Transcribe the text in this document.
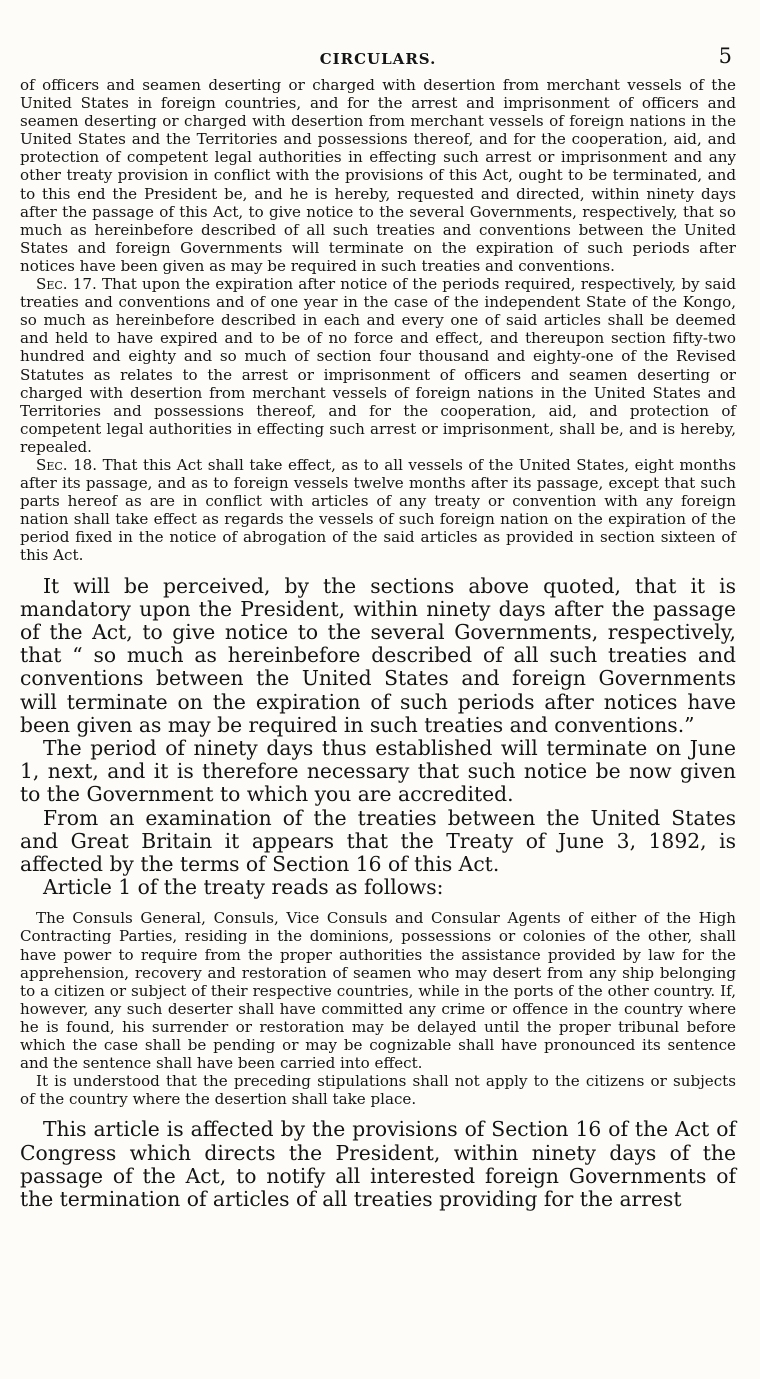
CIRCULARS.	5

of officers and seamen deserting or charged with desertion from merchant vessels of the United States in foreign countries, and for the arrest and imprisonment of officers and seamen deserting or charged with desertion from merchant vessels of foreign nations in the United States and the Territories and possessions thereof, and for the cooperation, aid, and protection of competent legal authorities in effecting such arrest or imprisonment and any other treaty provision in conflict with the provisions of this Act, ought to be terminated, and to this end the President be, and he is hereby, requested and directed, within ninety days after the passage of this Act, to give notice to the several Governments, respectively, that so much as hereinbefore described of all such treaties and conventions between the United States and foreign Governments will terminate on the expiration of such periods after notices have been given as may be required in such treaties and conventions.

Sec. 17. That upon the expiration after notice of the periods required, respectively, by said treaties and conventions and of one year in the case of the independent State of the Kongo, so much as hereinbefore described in each and every one of said articles shall be deemed and held to have expired and to be of no force and effect, and thereupon section fifty-two hundred and eighty and so much of section four thousand and eighty-one of the Revised Statutes as relates to the arrest or imprisonment of officers and seamen deserting or charged with desertion from merchant vessels of foreign nations in the United States and Territories and possessions thereof, and for the cooperation, aid, and protection of competent legal authorities in effecting such arrest or imprisonment, shall be, and is hereby, repealed.

Sec. 18. That this Act shall take effect, as to all vessels of the United States, eight months after its passage, and as to foreign vessels twelve months after its passage, except that such parts hereof as are in conflict with articles of any treaty or convention with any foreign nation shall take effect as regards the vessels of such foreign nation on the expiration of the period fixed in the notice of abrogation of the said articles as provided in section sixteen of this Act.

It will be perceived, by the sections above quoted, that it is mandatory upon the President, within ninety days after the passage of the Act, to give notice to the several Governments, respectively, that “ so much as hereinbefore described of all such treaties and conventions between the United States and foreign Governments will terminate on the expiration of such periods after notices have been given as may be required in such treaties and conventions.”

The period of ninety days thus established will terminate on June 1, next, and it is therefore necessary that such notice be now given to the Government to which you are accredited.

From an examination of the treaties between the United States and Great Britain it appears that the Treaty of June 3, 1892, is affected by the terms of Section 16 of this Act.

Article 1 of the treaty reads as follows:

The Consuls General, Consuls, Vice Consuls and Consular Agents of either of the High Contracting Parties, residing in the dominions, possessions or colonies of the other, shall have power to require from the proper authorities the assistance provided by law for the apprehension, recovery and restoration of seamen who may desert from any ship belonging to a citizen or subject of their respective countries, while in the ports of the other country. If, however, any such deserter shall have committed any crime or offence in the country where he is found, his surrender or restoration may be delayed until the proper tribunal before which the case shall be pending or may be cognizable shall have pronounced its sentence and the sentence shall have been carried into effect.

It is understood that the preceding stipulations shall not apply to the citizens or subjects of the country where the desertion shall take place.

This article is affected by the provisions of Section 16 of the Act of Congress which directs the President, within ninety days of the passage of the Act, to notify all interested foreign Governments of the termination of articles of all treaties providing for the arrest
